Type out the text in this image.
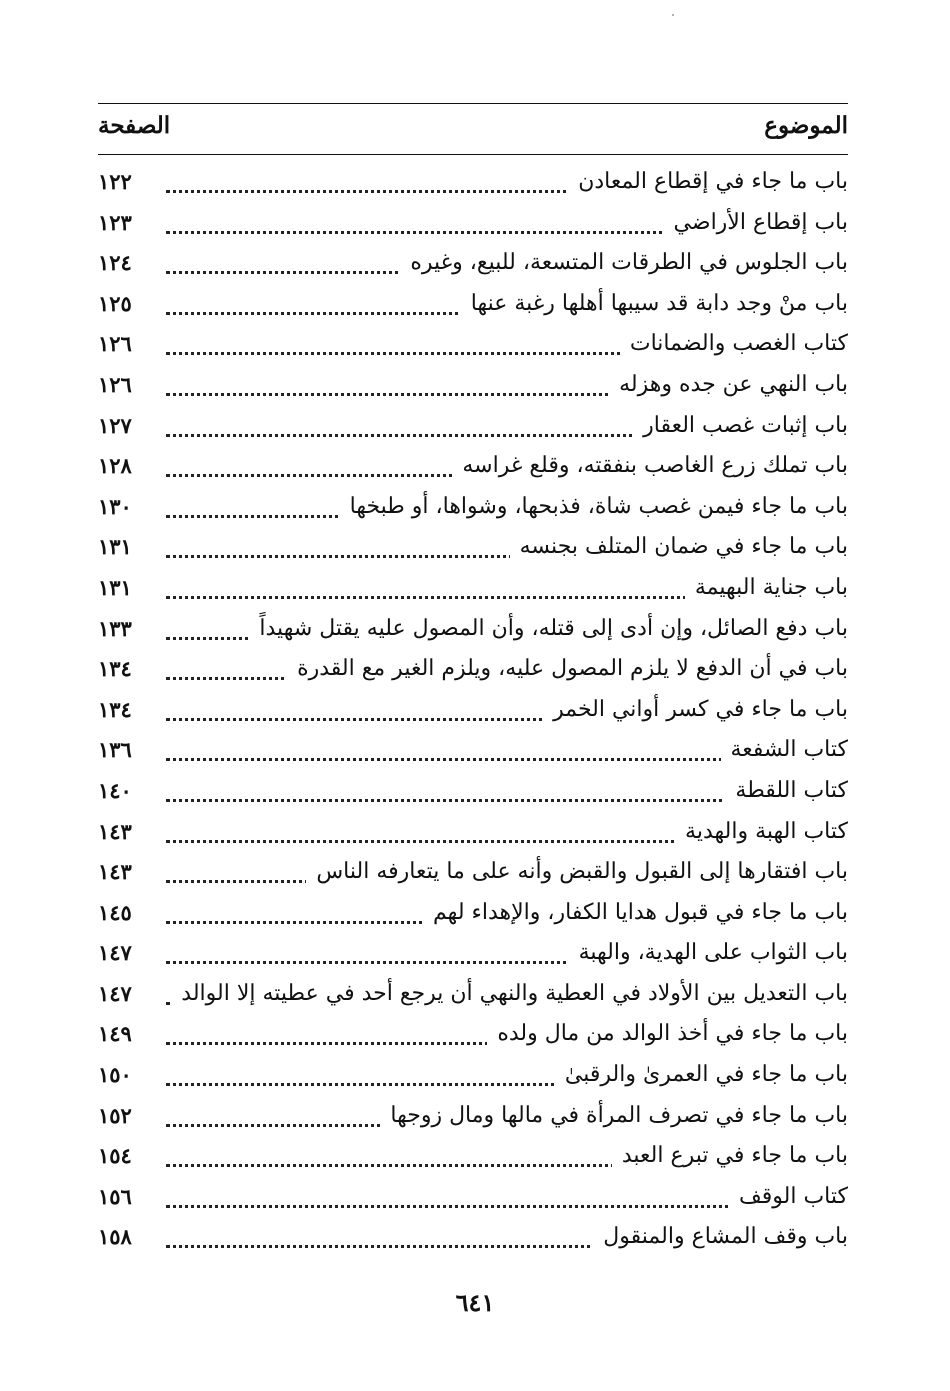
الموضوع
الصفحة
باب ما جاء في إقطاع المعادن
١٢٢
باب إقطاع الأراضي
١٢٣
باب الجلوس في الطرقات المتسعة، للبيع، وغيره
١٢٤
باب منْ وجد دابة قد سيبها أهلها رغبة عنها
١٢٥
كتاب الغصب والضمانات
١٢٦
باب النهي عن جده وهزله
١٢٦
باب إثبات غصب العقار
١٢٧
باب تملك زرع الغاصب بنفقته، وقلع غراسه
١٢٨
باب ما جاء فيمن غصب شاة، فذبحها، وشواها، أو طبخها
١٣٠
باب ما جاء في ضمان المتلف بجنسه
١٣١
باب جناية البهيمة
١٣١
باب دفع الصائل، وإن أدى إلى قتله، وأن المصول عليه يقتل شهيداً
١٣٣
باب في أن الدفع لا يلزم المصول عليه، ويلزم الغير مع القدرة
١٣٤
باب ما جاء في كسر أواني الخمر
١٣٤
كتاب الشفعة
١٣٦
كتاب اللقطة
١٤٠
كتاب الهبة والهدية
١٤٣
باب افتقارها إلى القبول والقبض وأنه على ما يتعارفه الناس
١٤٣
باب ما جاء في قبول هدايا الكفار، والإهداء لهم
١٤٥
باب الثواب على الهدية، والهبة
١٤٧
باب التعديل بين الأولاد في العطية والنهي أن يرجع أحد في عطيته إلا الوالد
١٤٧
باب ما جاء في أخذ الوالد من مال ولده
١٤٩
باب ما جاء في العمرىٰ والرقبىٰ
١٥٠
باب ما جاء في تصرف المرأة في مالها ومال زوجها
١٥٢
باب ما جاء في تبرع العبد
١٥٤
كتاب الوقف
١٥٦
باب وقف المشاع والمنقول
١٥٨
٦٤١
